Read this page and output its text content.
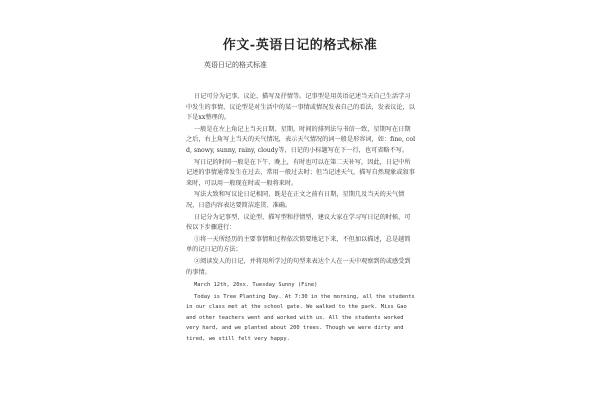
作文-英语日记的格式标准
英语日记的格式标准

日记可分为记事、议论、描写及抒情等。记事型是用英语记述当天自己生活学习中发生的事情，议论型是对生活中的某一事情或情况发表自己的看法，发表议论，以下是xx整理的。

一般是在左上角记上当天日期、星期，时间的排列法与书信一致，星期写在日期之后，右上角写上当天的天气情况，表示天气情况的词一般是形容词，如：fine, cold, snowy, sunny, rainy, cloudy等，日记的小标题写在下一行，也可省略不写。

写日记的时间一般是在下午、晚上，有时也可以在第二天补写，因此，日记中所记述的事情通常发生在过去，常用一般过去时；但当记述天气，描写自然现象或叙事来时，可以用一般现在时或一般将来时。

写法大致和写议论日记相同，既是在正文之前有日期，星期几及当天的天气情况，日意内容表达要简洁连贯、准确。

日记分为记事型、议论型、描写型和抒情型，建议大家在学习写日记的时候，可按以下步骤进行：

①将一天所经历的主要事情和过程依次简要地记下来，不但加以描述，总是越简单的记日记的方法；

②阅读发人的日记，并将用所学过的句型来表达个人在一天中观察到的或感受到的事情。

March 12th, 20xx. Tuesday Sunny (Fine)

Today is Tree Planting Day. At 7:30 in the morning, all the students in our class met at the school gate. We walked to the park. Miss Gao and other teachers went and worked with us. All the students worked very hard, and we planted about 200 trees. Though we were dirty and tired, we still felt very happy.
